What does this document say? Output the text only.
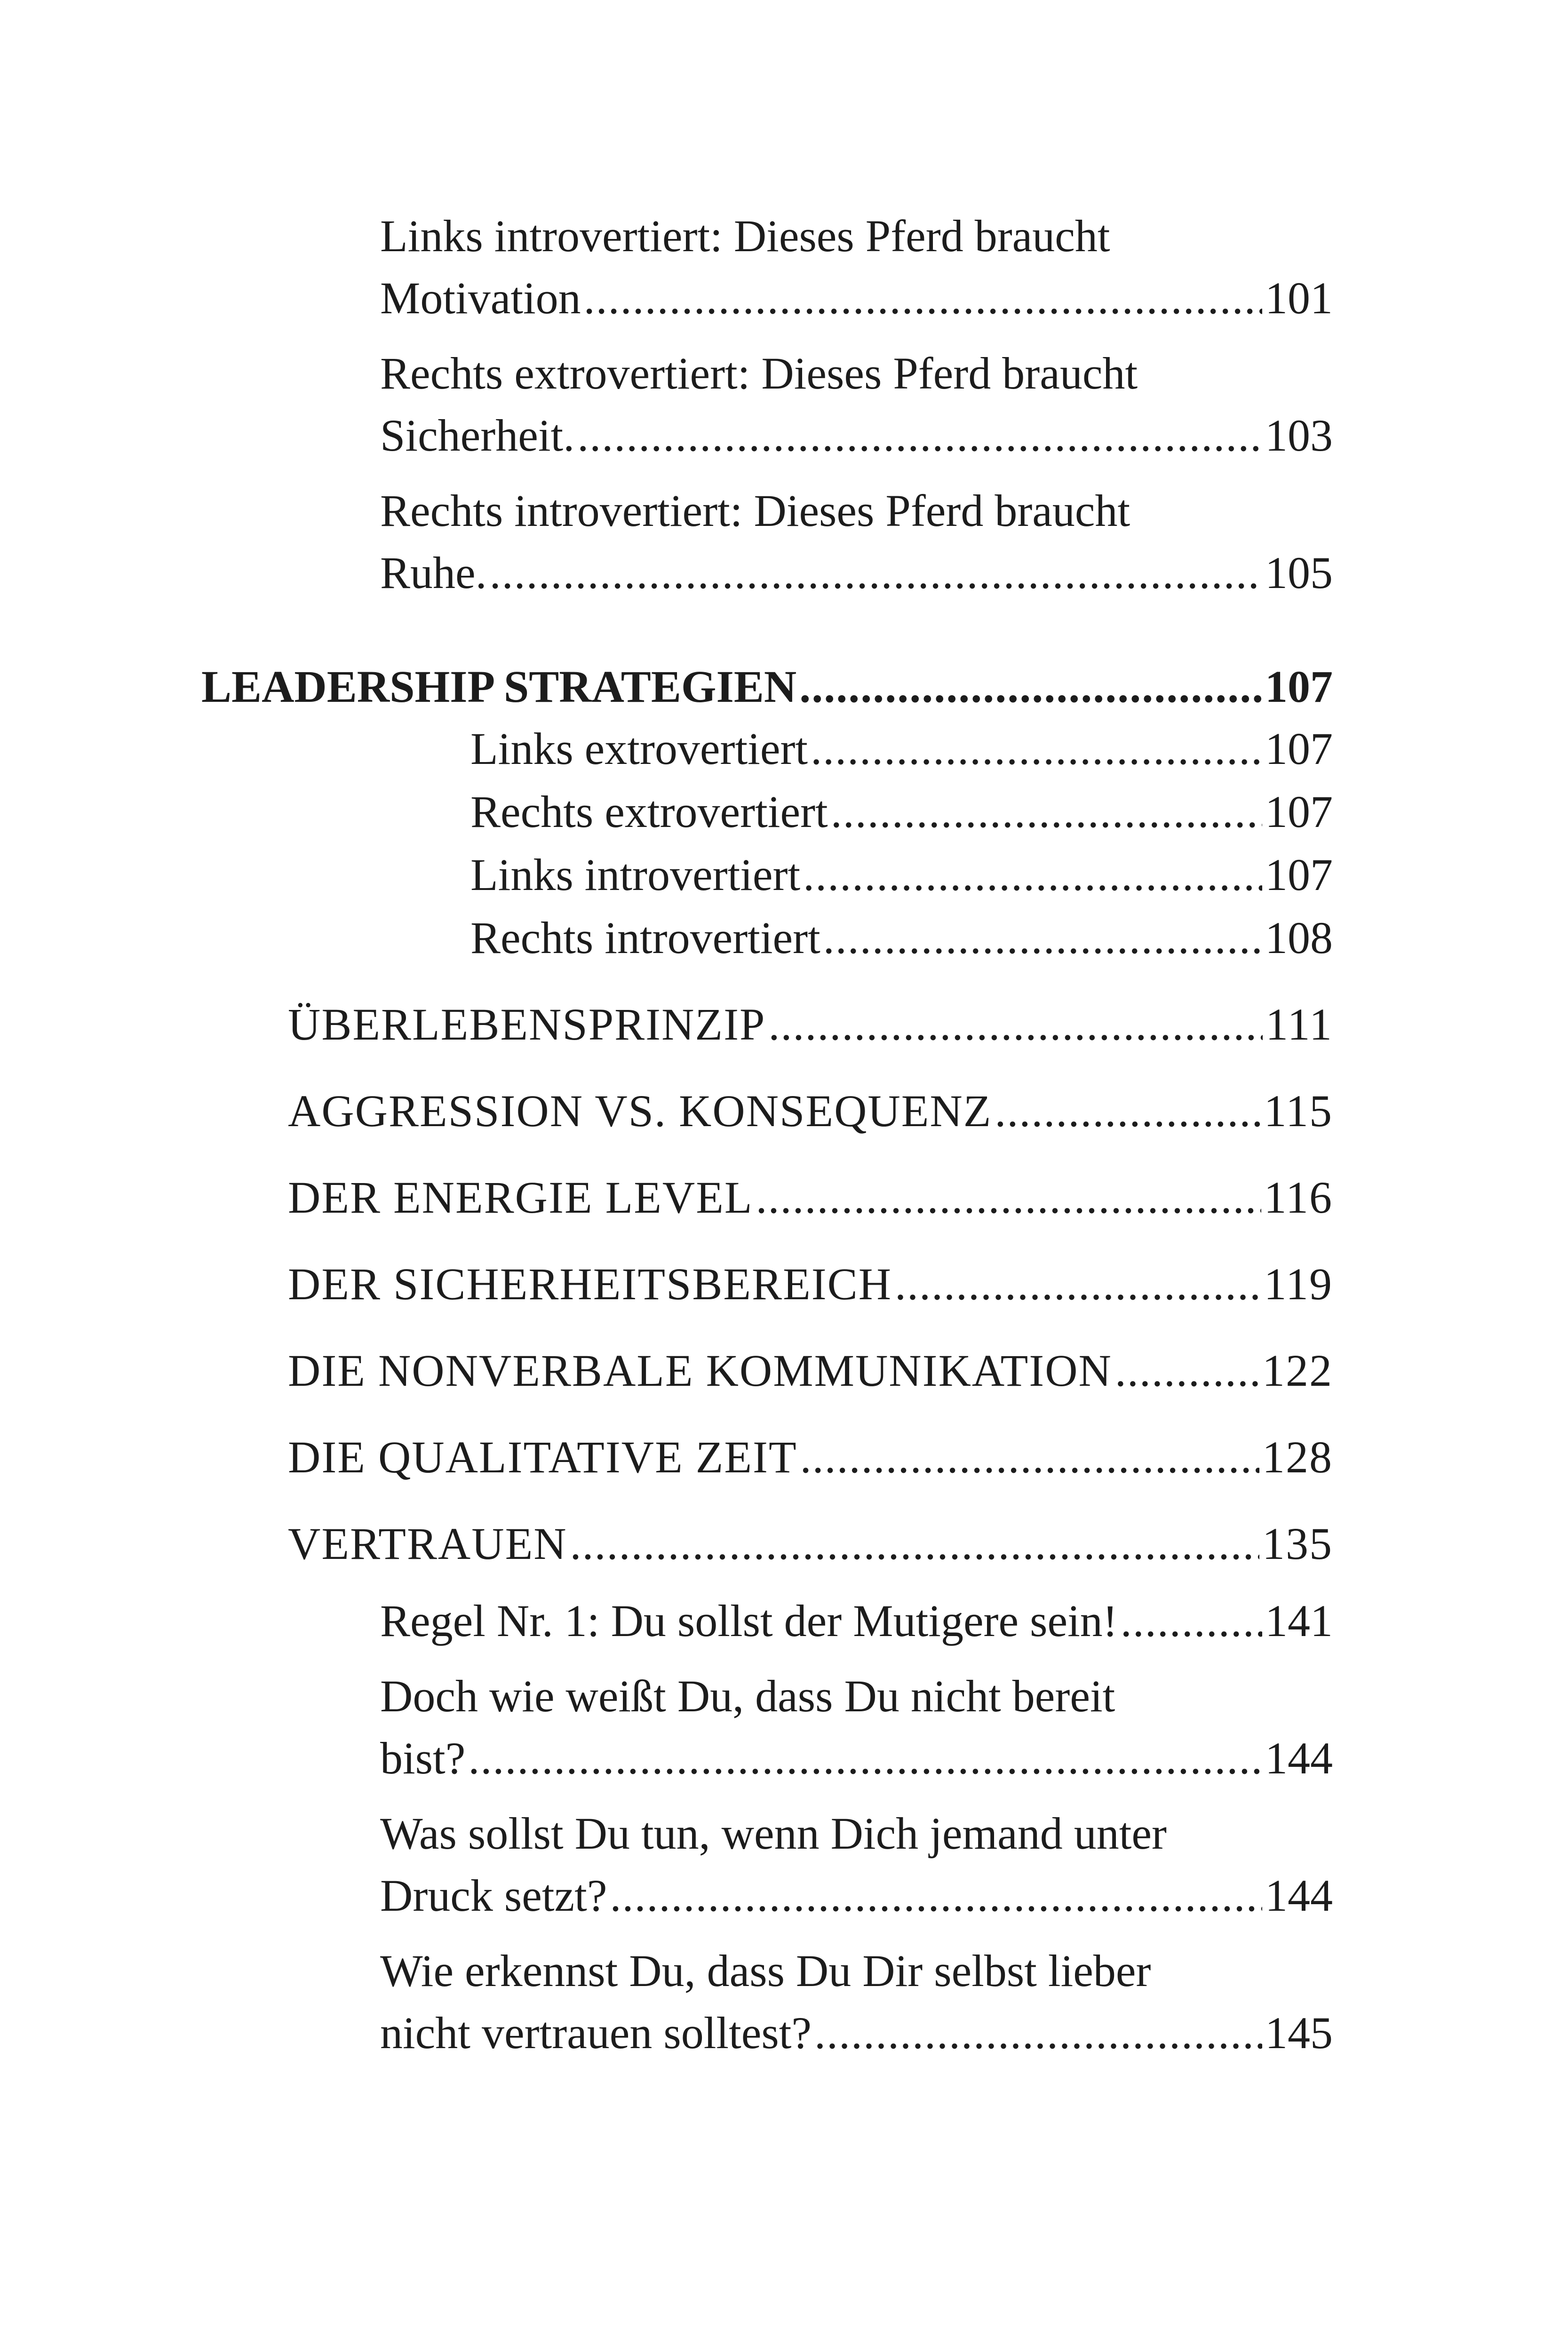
Links introvertiert: Dieses Pferd braucht
Motivation .....	101
Rechts extrovertiert: Dieses Pferd braucht
Sicherheit. .....	103
Rechts introvertiert: Dieses Pferd braucht
Ruhe. .....	105
LEADERSHIP STRATEGIEN .....	107
Links extrovertiert .....	107
Rechts extrovertiert .....	107
Links introvertiert .....	107
Rechts introvertiert .....	108
ÜBERLEBENSPRINZIP .....	111
AGGRESSION VS. KONSEQUENZ .....	115
DER ENERGIE LEVEL .....	116
DER SICHERHEITSBEREICH .....	119
DIE NONVERBALE KOMMUNIKATION .....	122
DIE QUALITATIVE ZEIT .....	128
VERTRAUEN .....	135
Regel Nr. 1: Du sollst der Mutigere sein! .....	141
Doch wie weißt Du, dass Du nicht bereit
bist? .....	144
Was sollst Du tun, wenn Dich jemand unter
Druck setzt? .....	144
Wie erkennst Du, dass Du Dir selbst lieber
nicht vertrauen solltest? .....	145
